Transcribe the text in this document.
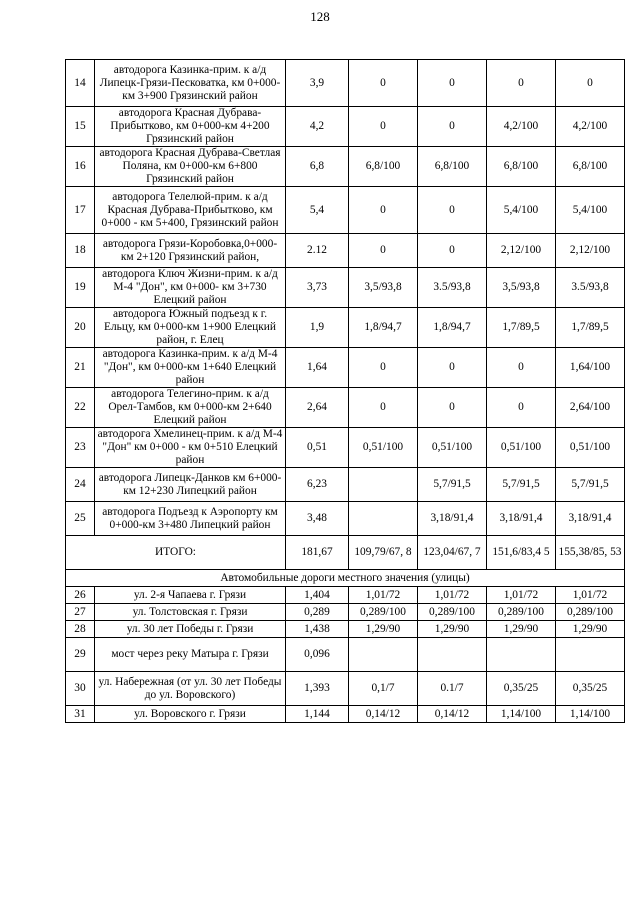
128
14	автодорога Казинка-прим. к а/д Липецк-Грязи-Песковатка, км 0+000-км 3+900 Грязинский район	3,9	0	0	0	0
15	автодорога Красная Дубрава-Прибытково, км 0+000-км 4+200 Грязинский район	4,2	0	0	4,2/100	4,2/100
16	автодорога Красная Дубрава-Светлая Поляна, км 0+000-км 6+800 Грязинский район	6,8	6,8/100	6,8/100	6,8/100	6,8/100
17	автодорога Телелюй-прим. к а/д Красная Дубрава-Прибытково, км 0+000 - км 5+400, Грязинский район	5,4	0	0	5,4/100	5,4/100
18	автодорога Грязи-Коробовка,0+000-км 2+120 Грязинский район,	2.12	0	0	2,12/100	2,12/100
19	автодорога Ключ Жизни-прим. к а/д М-4 "Дон", км 0+000- км 3+730 Елецкий район	3,73	3,5/93,8	3.5/93,8	3,5/93,8	3.5/93,8
20	автодорога Южный подъезд к г. Ельцу, км 0+000-км 1+900 Елецкий район, г. Елец	1,9	1,8/94,7	1,8/94,7	1,7/89,5	1,7/89,5
21	автодорога Казинка-прим. к а/д М-4 "Дон", км 0+000-км 1+640 Елецкий район	1,64	0	0	0	1,64/100
22	автодорога Телегино-прим. к а/д Орел-Тамбов, км 0+000-км 2+640 Елецкий район	2,64	0	0	0	2,64/100
23	автодорога Хмелинец-прим. к а/д М-4 "Дон" км 0+000 - км 0+510 Елецкий район	0,51	0,51/100	0,51/100	0,51/100	0,51/100
24	автодорога Липецк-Данков км 6+000-км 12+230 Липецкий район	6,23		5,7/91,5	5,7/91,5	5,7/91,5
25	автодорога Подъезд к Аэропорту км 0+000-км 3+480 Липецкий район	3,48		3,18/91,4	3,18/91,4	3,18/91,4
ИТОГО:		181,67	109,79/67, 8	123,04/67, 7	151,6/83,4 5	155,38/85, 53
Автомобильные дороги местного значения (улицы)						
26	ул. 2-я Чапаева г. Грязи	1,404	1,01/72	1,01/72	1,01/72	1,01/72
27	ул. Толстовская г. Грязи	0,289	0,289/100	0,289/100	0,289/100	0,289/100
28	ул. 30 лет Победы г. Грязи	1,438	1,29/90	1,29/90	1,29/90	1,29/90
29	мост через реку Матыра г. Грязи	0,096				
30	ул. Набережная (от ул. 30 лет Победы до ул. Воровского)	1,393	0,1/7	0.1/7	0,35/25	0,35/25
31	ул. Воровского г. Грязи	1,144	0,14/12	0,14/12	1,14/100	1,14/100
